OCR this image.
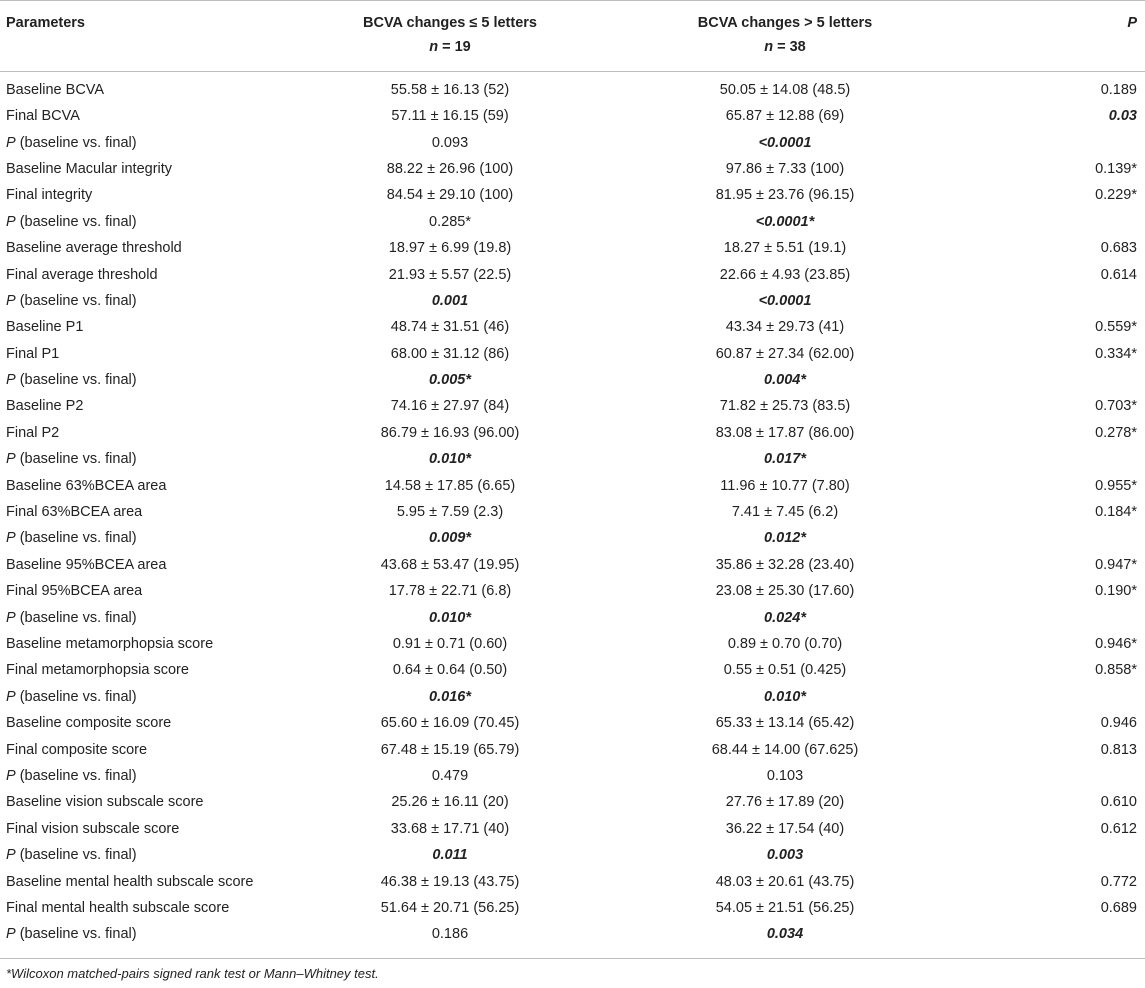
Parameters	BCVA changes ≤ 5 letters	BCVA changes > 5 letters	P
	n = 19	n = 38	
Baseline BCVA	55.58 ± 16.13 (52)	50.05 ± 14.08 (48.5)	0.189
Final BCVA	57.11 ± 16.15 (59)	65.87 ± 12.88 (69)	0.03
P (baseline vs. final)	0.093	<0.0001	
Baseline Macular integrity	88.22 ± 26.96 (100)	97.86 ± 7.33 (100)	0.139*
Final integrity	84.54 ± 29.10 (100)	81.95 ± 23.76 (96.15)	0.229*
P (baseline vs. final)	0.285*	<0.0001*	
Baseline average threshold	18.97 ± 6.99 (19.8)	18.27 ± 5.51 (19.1)	0.683
Final average threshold	21.93 ± 5.57 (22.5)	22.66 ± 4.93 (23.85)	0.614
P (baseline vs. final)	0.001	<0.0001	
Baseline P1	48.74 ± 31.51 (46)	43.34 ± 29.73 (41)	0.559*
Final P1	68.00 ± 31.12 (86)	60.87 ± 27.34 (62.00)	0.334*
P (baseline vs. final)	0.005*	0.004*	
Baseline P2	74.16 ± 27.97 (84)	71.82 ± 25.73 (83.5)	0.703*
Final P2	86.79 ± 16.93 (96.00)	83.08 ± 17.87 (86.00)	0.278*
P (baseline vs. final)	0.010*	0.017*	
Baseline 63%BCEA area	14.58 ± 17.85 (6.65)	11.96 ± 10.77 (7.80)	0.955*
Final 63%BCEA area	5.95 ± 7.59 (2.3)	7.41 ± 7.45 (6.2)	0.184*
P (baseline vs. final)	0.009*	0.012*	
Baseline 95%BCEA area	43.68 ± 53.47 (19.95)	35.86 ± 32.28 (23.40)	0.947*
Final 95%BCEA area	17.78 ± 22.71 (6.8)	23.08 ± 25.30 (17.60)	0.190*
P (baseline vs. final)	0.010*	0.024*	
Baseline metamorphopsia score	0.91 ± 0.71 (0.60)	0.89 ± 0.70 (0.70)	0.946*
Final metamorphopsia score	0.64 ± 0.64 (0.50)	0.55 ± 0.51 (0.425)	0.858*
P (baseline vs. final)	0.016*	0.010*	
Baseline composite score	65.60 ± 16.09 (70.45)	65.33 ± 13.14 (65.42)	0.946
Final composite score	67.48 ± 15.19 (65.79)	68.44 ± 14.00 (67.625)	0.813
P (baseline vs. final)	0.479	0.103	
Baseline vision subscale score	25.26 ± 16.11 (20)	27.76 ± 17.89 (20)	0.610
Final vision subscale score	33.68 ± 17.71 (40)	36.22 ± 17.54 (40)	0.612
P (baseline vs. final)	0.011	0.003	
Baseline mental health subscale score	46.38 ± 19.13 (43.75)	48.03 ± 20.61 (43.75)	0.772
Final mental health subscale score	51.64 ± 20.71 (56.25)	54.05 ± 21.51 (56.25)	0.689
P (baseline vs. final)	0.186	0.034	
*Wilcoxon matched-pairs signed rank test or Mann–Whitney test.
